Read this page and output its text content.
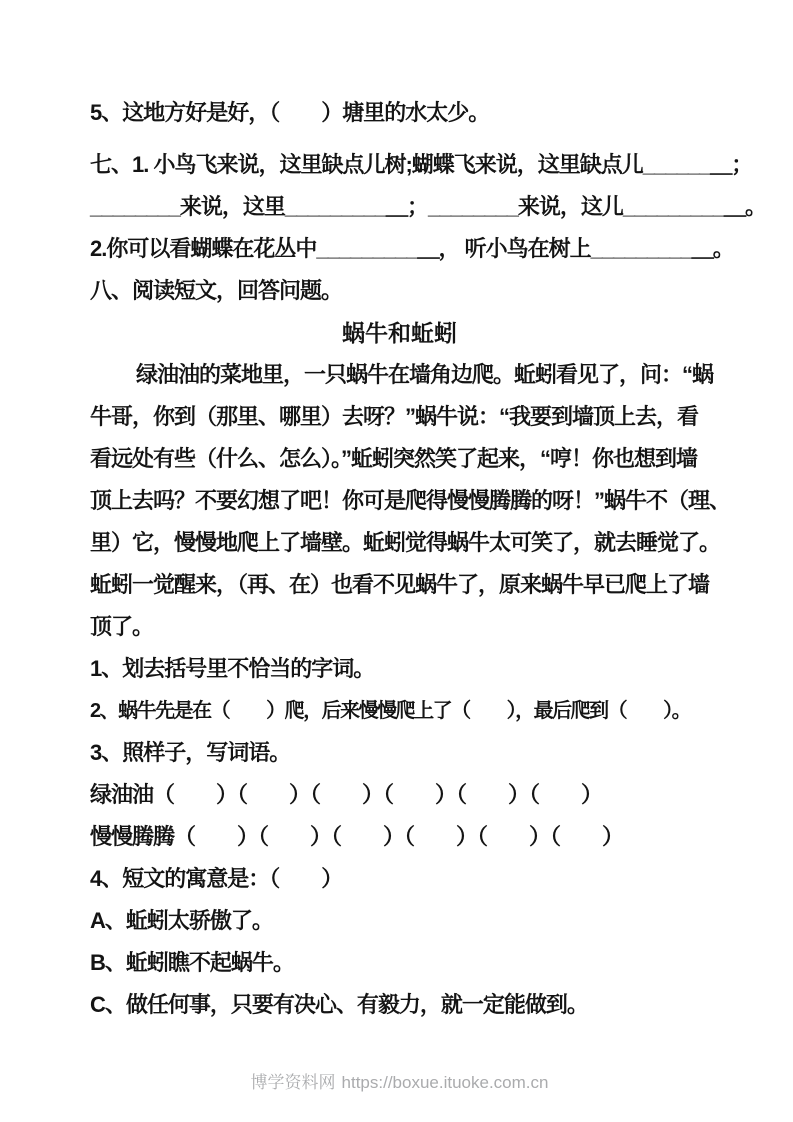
5、这地方好是好，（　　）塘里的水太少。
七、1. 小鸟飞来说，这里缺点儿树;蝴蝶飞来说，这里缺点儿______＿；
________来说，这里_________＿；________来说，这儿_________＿。
2.你可以看蝴蝶在花丛中_________＿， 听小鸟在树上_________＿。
八、阅读短文，回答问题。
蜗牛和蚯蚓
绿油油的菜地里，一只蜗牛在墙角边爬。蚯蚓看见了，问：“蜗
牛哥，你到（那里、哪里）去呀？”蜗牛说：“我要到墙顶上去，看
看远处有些（什么、怎么）。”蚯蚓突然笑了起来，“哼！你也想到墙
顶上去吗？不要幻想了吧！你可是爬得慢慢腾腾的呀！”蜗牛不（理、
里）它，慢慢地爬上了墙壁。蚯蚓觉得蜗牛太可笑了，就去睡觉了。
蚯蚓一觉醒来，（再、在）也看不见蜗牛了，原来蜗牛早已爬上了墙
顶了。
1、划去括号里不恰当的字词。
2、蜗牛先是在（　　）爬，后来慢慢爬上了（　　），最后爬到（　　）。
3、照样子，写词语。
绿油油（　　）（　　）（　　）（　　）（　　）（　　）
慢慢腾腾（　　）（　　）（　　）（　　）（　　）（　　）
4、短文的寓意是：（　　）
A、蚯蚓太骄傲了。
B、蚯蚓瞧不起蜗牛。
C、做任何事，只要有决心、有毅力，就一定能做到。
博学资料网 https://boxue.ituoke.com.cn
